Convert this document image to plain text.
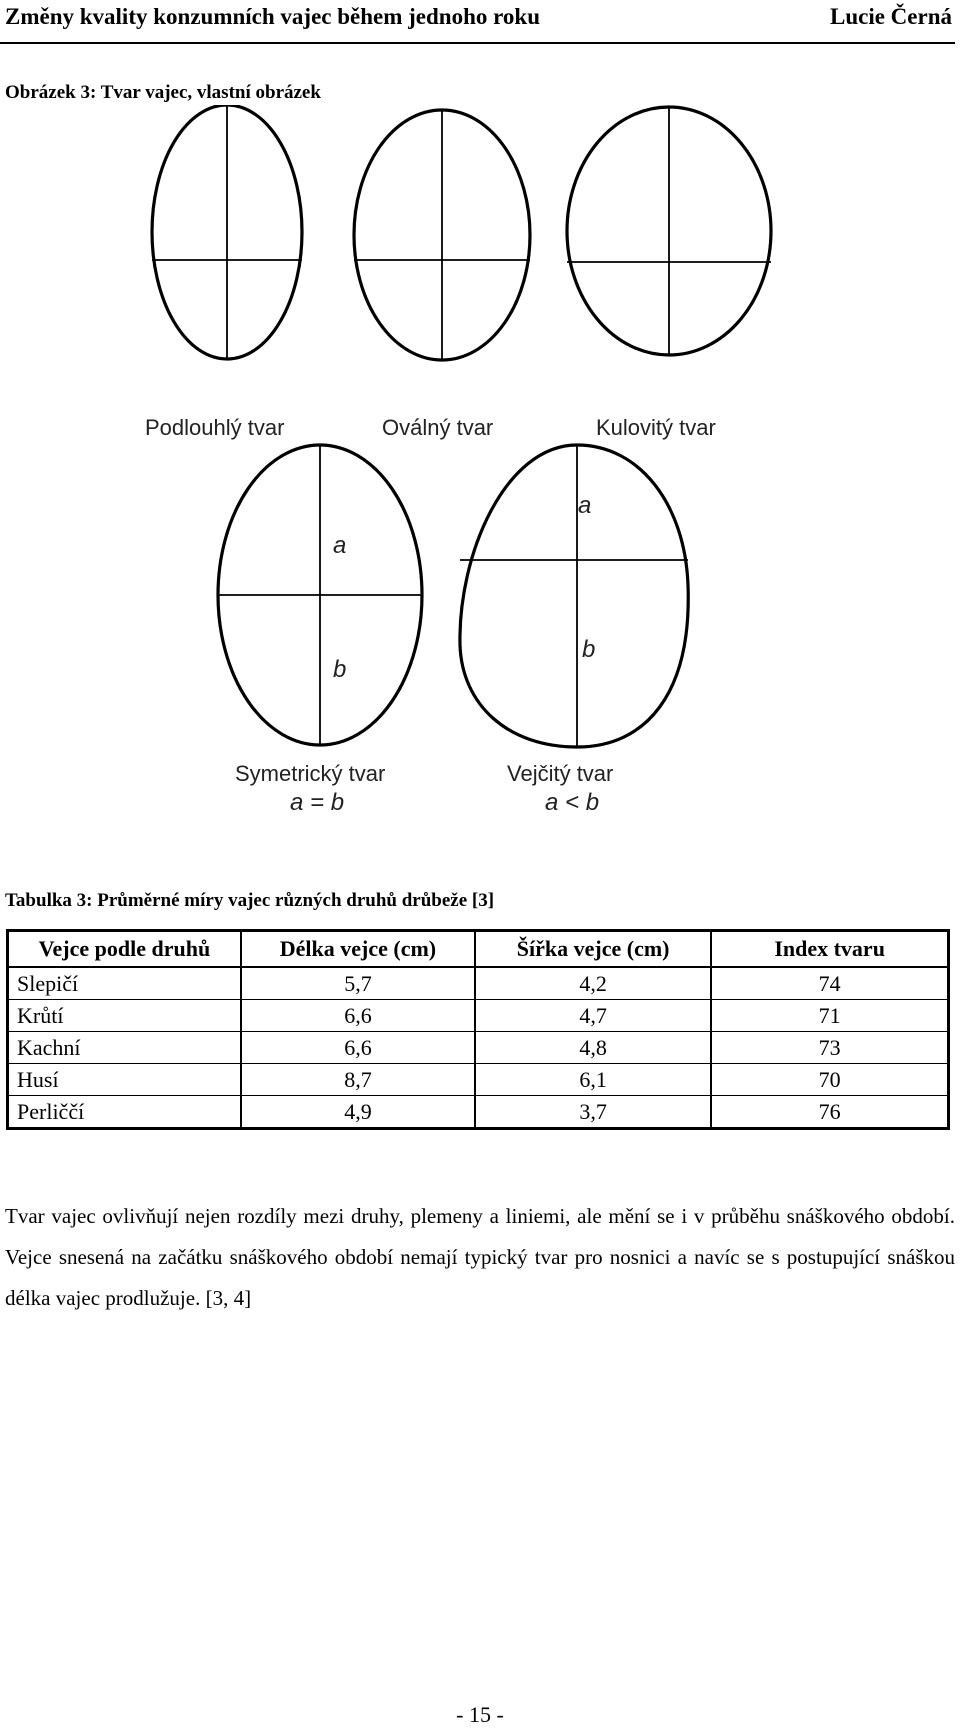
Změny kvality konzumních vajec během jednoho roku	Lucie Černá
Obrázek 3: Tvar vajec, vlastní obrázek
Podlouhlý tvar	Oválný tvar	Kulovitý tvar
a
b
a
b
Symetrický tvar
a = b
Vejčitý tvar
a < b
Tabulka 3: Průměrné míry vajec různých druhů drůbeže [3]
Vejce podle druhů	Délka vejce (cm)	Šířka vejce (cm)	Index tvaru
Slepičí	5,7	4,2	74
Krůtí	6,6	4,7	71
Kachní	6,6	4,8	73
Husí	8,7	6,1	70
Perliččí	4,9	3,7	76

Tvar vajec ovlivňují nejen rozdíly mezi druhy, plemeny a liniemi, ale mění se i v průběhu snáškového období. Vejce snesená na začátku snáškového období nemají typický tvar pro nosnici a navíc se s postupující snáškou délka vajec prodlužuje. [3, 4]

- 15 -
